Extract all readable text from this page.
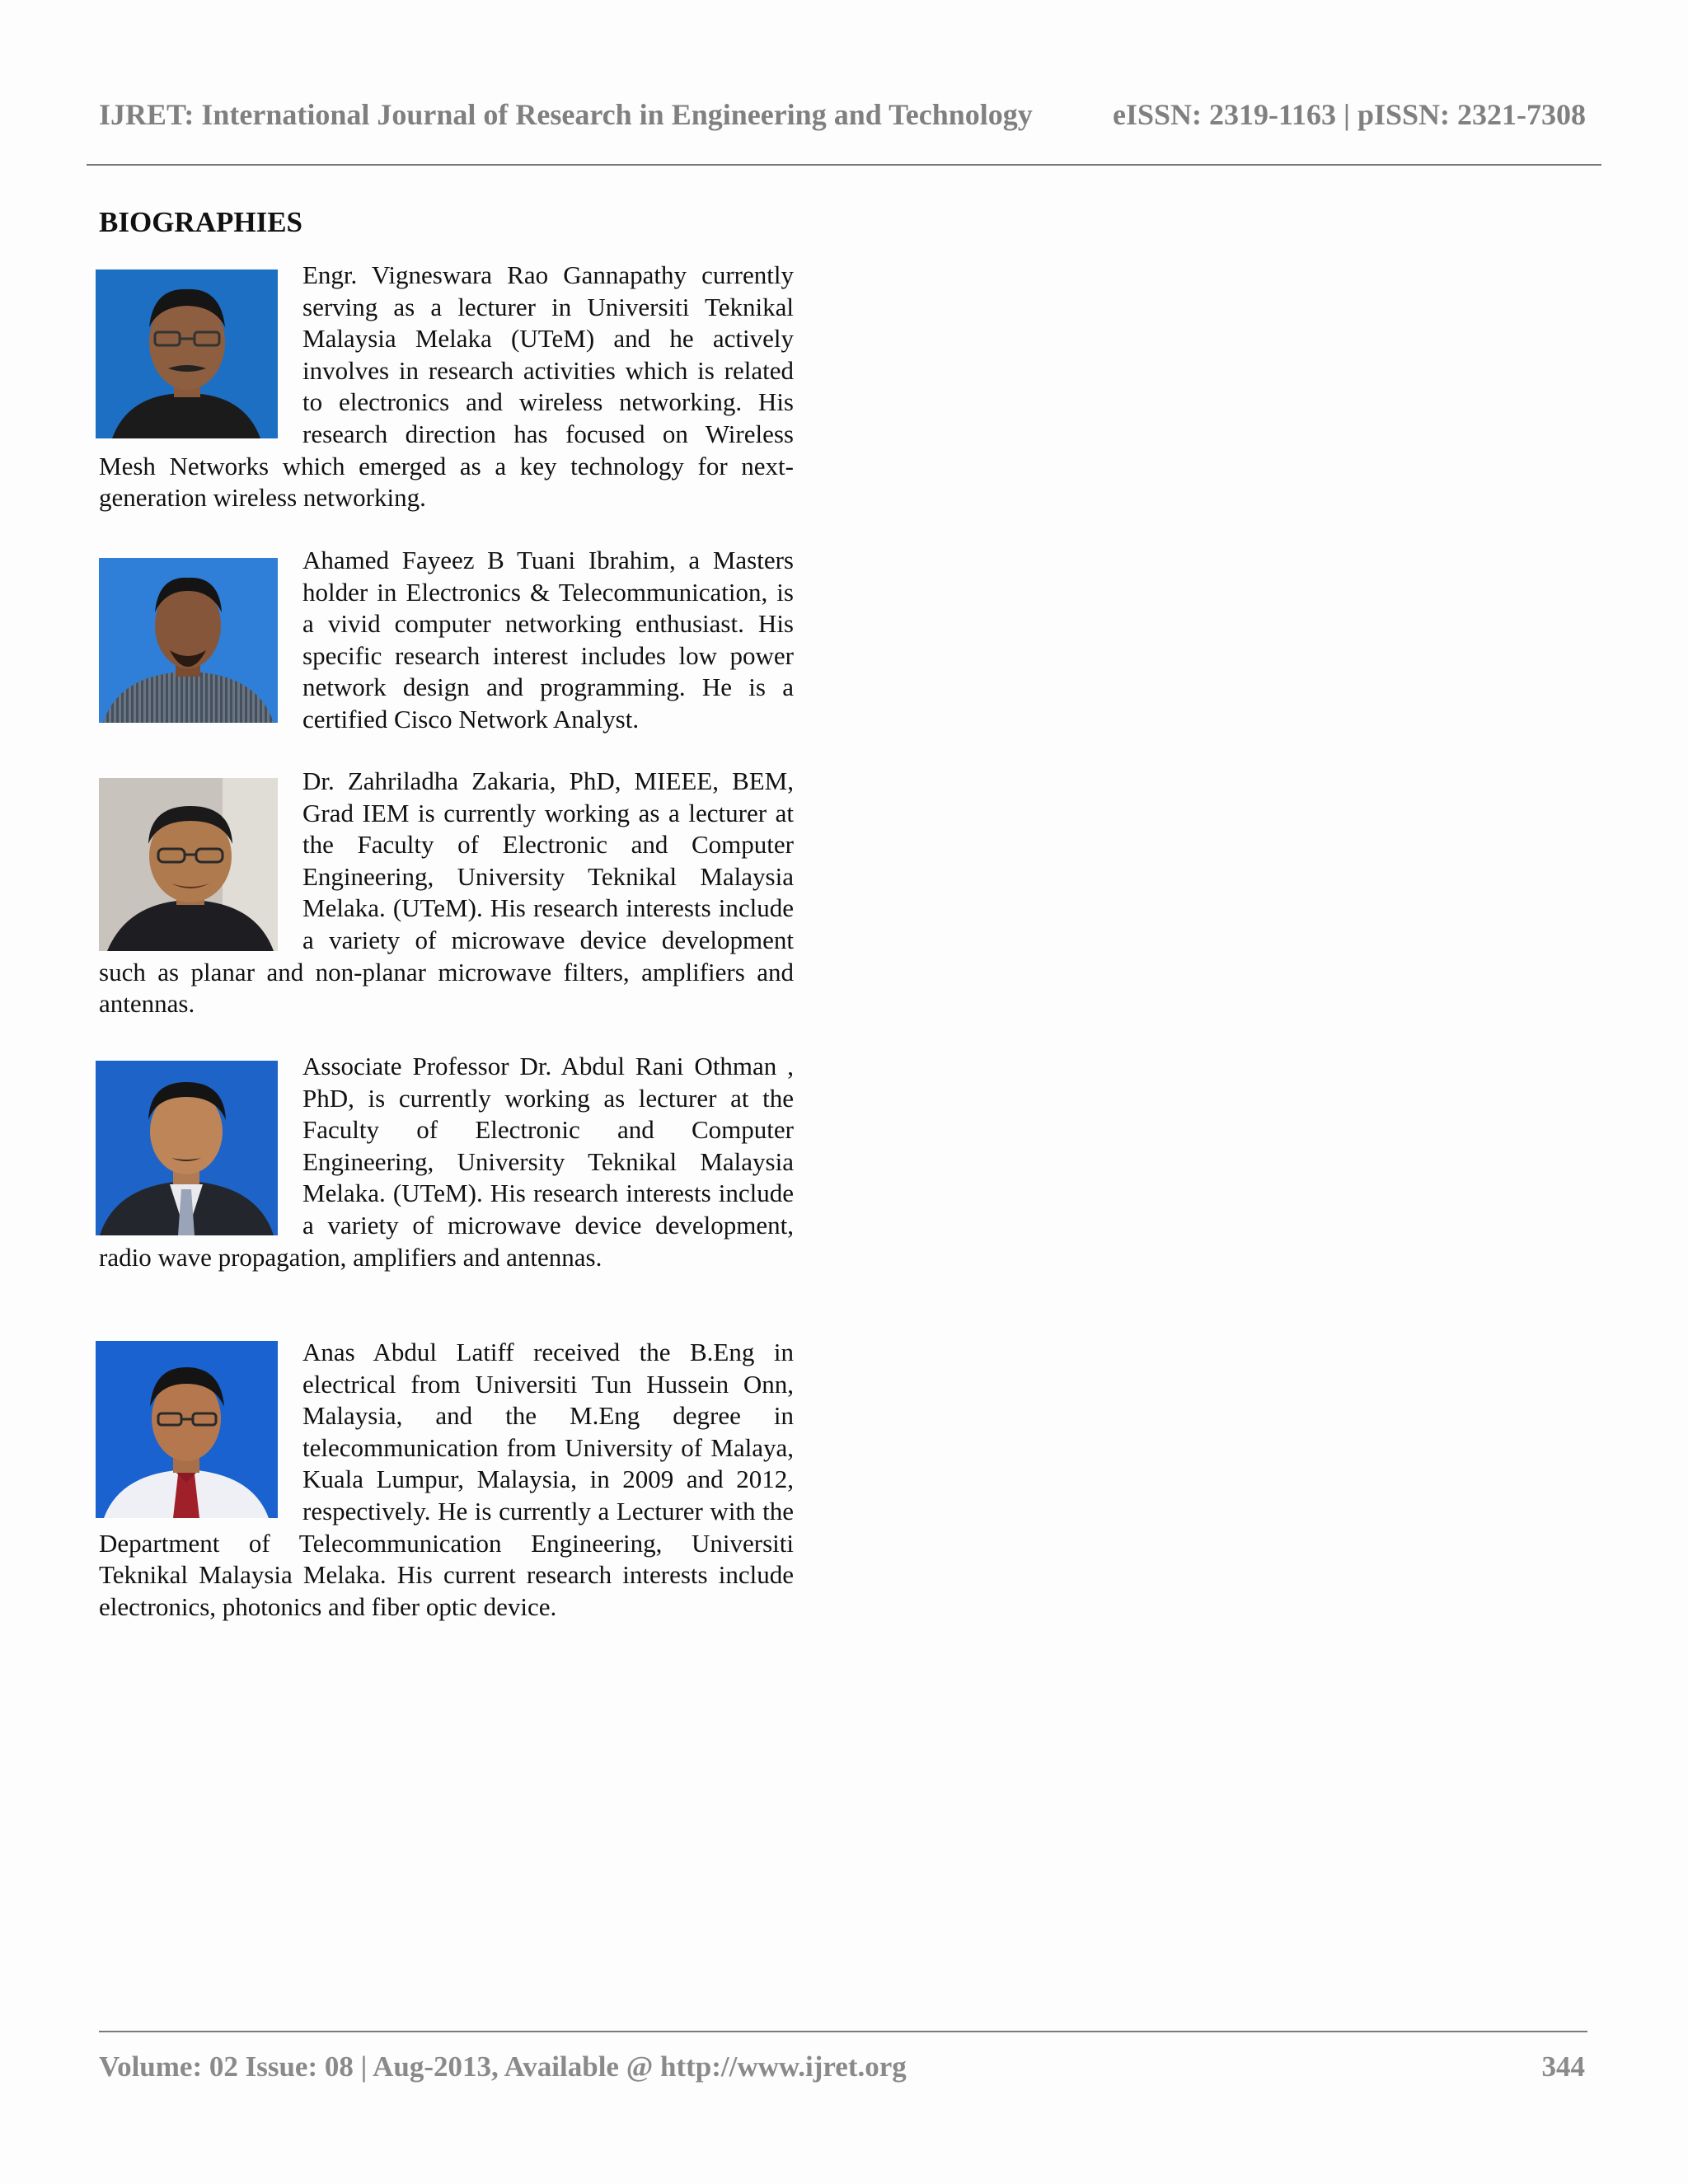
IJRET: International Journal of Research in Engineering and Technology	eISSN: 2319-1163 | pISSN: 2321-7308
BIOGRAPHIES

Engr. Vigneswara Rao Gannapathy currently serving as a lecturer in Universiti Teknikal Malaysia Melaka (UTeM) and he actively involves in research activities which is related to electronics and wireless networking. His research direction has focused on Wireless Mesh Networks which emerged as a key technology for next-generation wireless networking.

Ahamed Fayeez B Tuani Ibrahim, a Masters holder in Electronics & Telecommunication, is a vivid computer networking enthusiast. His specific research interest includes low power network design and programming. He is a certified Cisco Network Analyst.

Dr. Zahriladha Zakaria, PhD, MIEEE, BEM, Grad IEM is currently working as a lecturer at the Faculty of Electronic and Computer Engineering, University Teknikal Malaysia Melaka. (UTeM). His research interests include a variety of microwave device development such as planar and non-planar microwave filters, amplifiers and antennas.

Associate Professor Dr. Abdul Rani Othman , PhD, is currently working as lecturer at the Faculty of Electronic and Computer Engineering, University Teknikal Malaysia Melaka. (UTeM). His research interests include a variety of microwave device development, radio wave propagation, amplifiers and antennas.

Anas Abdul Latiff received the B.Eng in electrical from Universiti Tun Hussein Onn, Malaysia, and the M.Eng degree in telecommunication from University of Malaya, Kuala Lumpur, Malaysia, in 2009 and 2012, respectively. He is currently a Lecturer with the Department of Telecommunication Engineering, Universiti Teknikal Malaysia Melaka. His current research interests include electronics, photonics and fiber optic device.

Volume: 02 Issue: 08 | Aug-2013, Available @ http://www.ijret.org	344
